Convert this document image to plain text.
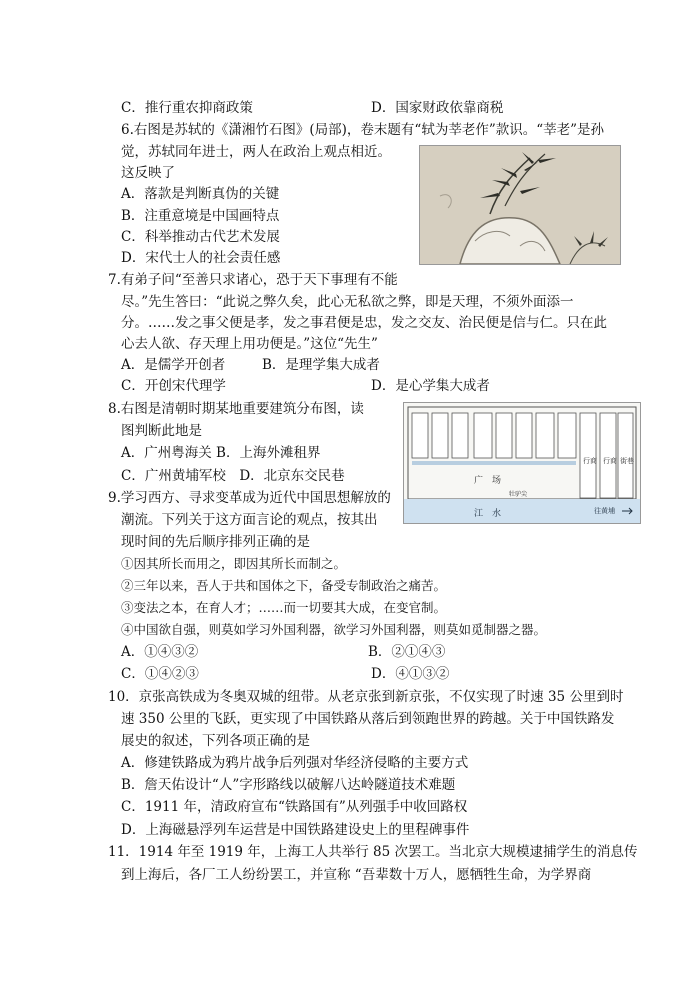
C．推行重农抑商政策	D．国家财政依靠商税
6.右图是苏轼的《潇湘竹石图》(局部)，卷末题有“轼为莘老作”款识。“莘老”是孙
觉，苏轼同年进士，两人在政治上观点相近。
这反映了
A．落款是判断真伪的关键
B．注重意境是中国画特点
C．科举推动古代艺术发展
D．宋代士人的社会责任感
7.有弟子问“至善只求诸心，恐于天下事理有不能
尽。”先生答曰：“此说之弊久矣，此心无私欲之弊，即是天理，不须外面添一
分。……发之事父便是孝，发之事君便是忠，发之交友、治民便是信与仁。只在此
心去人欲、存天理上用功便是。”这位“先生”
A．是儒学开创者	B．是理学集大成者
C．开创宋代理学	D．是心学集大成者
8.右图是清朝时期某地重要建筑分布图，读
图判断此地是
A．广州粤海关 B．上海外滩租界
C．广州黄埔军校　D．北京东交民巷	广　场
牡驴尖
行商 行商 街巷
江　水	往黄埔
9.学习西方、寻求变革成为近代中国思想解放的
潮流。下列关于这方面言论的观点，按其出
现时间的先后顺序排列正确的是
①因其所长而用之，即因其所长而制之。
②三年以来，吾人于共和国体之下，备受专制政治之痛苦。
③变法之本，在育人才；……而一切要其大成，在变官制。
④中国欲自强，则莫如学习外国利器，欲学习外国利器，则莫如觅制器之器。
A．①④③②	B．②①④③
C．①④②③	D．④①③②
10．京张高铁成为冬奥双城的纽带。从老京张到新京张，不仅实现了时速 35 公里到时
速 350 公里的飞跃，更实现了中国铁路从落后到领跑世界的跨越。关于中国铁路发
展史的叙述，下列各项正确的是
A．修建铁路成为鸦片战争后列强对华经济侵略的主要方式
B．詹天佑设计“人”字形路线以破解八达岭隧道技术难题
C．1911 年，清政府宣布“铁路国有”从列强手中收回路权
D．上海磁悬浮列车运营是中国铁路建设史上的里程碑事件
11．1914 年至 1919 年，上海工人共举行 85 次罢工。当北京大规模逮捕学生的消息传
到上海后，各厂工人纷纷罢工，并宣称 “吾辈数十万人，愿牺牲生命，为学界商
